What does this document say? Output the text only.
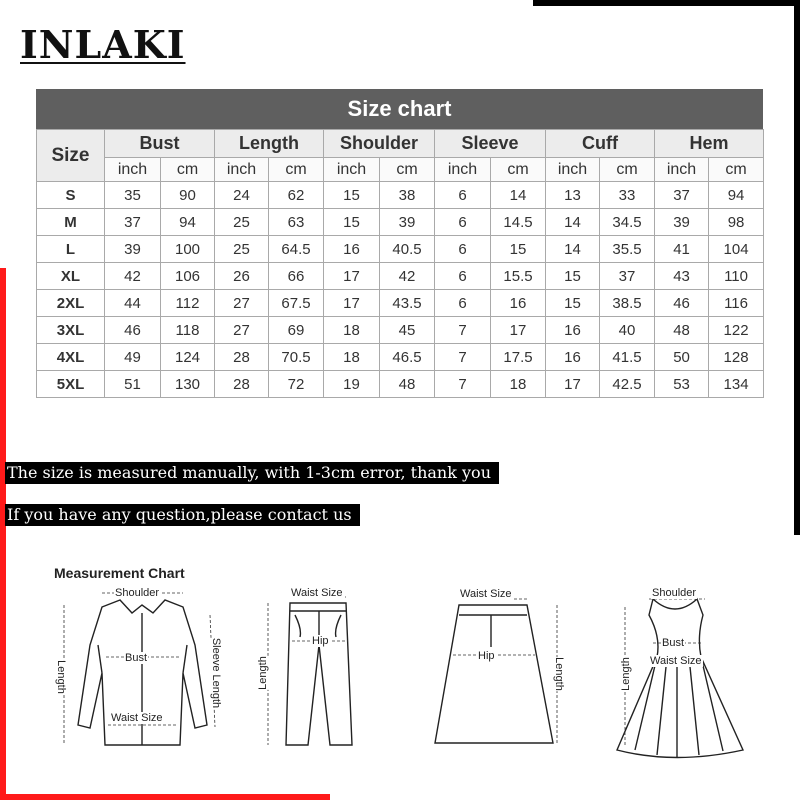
INLAKI
Size chart
Size	Bust		Length		Shoulder		Sleeve		Cuff		Hem	
	inch	cm	inch	cm	inch	cm	inch	cm	inch	cm	inch	cm
S	35	90	24	62	15	38	6	14	13	33	37	94
M	37	94	25	63	15	39	6	14.5	14	34.5	39	98
L	39	100	25	64.5	16	40.5	6	15	14	35.5	41	104
XL	42	106	26	66	17	42	6	15.5	15	37	43	110
2XL	44	112	27	67.5	17	43.5	6	16	15	38.5	46	116
3XL	46	118	27	69	18	45	7	17	16	40	48	122
4XL	49	124	28	70.5	18	46.5	7	17.5	16	41.5	50	128
5XL	51	130	28	72	19	48	7	18	17	42.5	53	134
The size is measured manually, with 1-3cm error, thank you
If you have any question,please contact us
Measurement Chart
Shoulder
Bust
Waist Size
Length	Sleeve Length
Waist Size
Hip
Length
Waist Size
Hip
Length
Shoulder
Bust
Waist Size
Length
